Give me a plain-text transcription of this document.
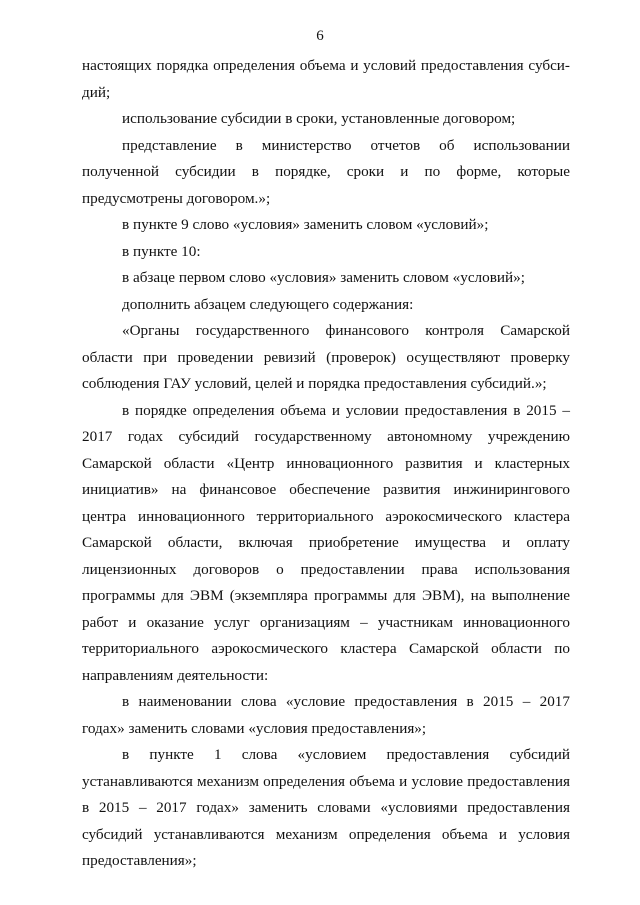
6

настоящих порядка определения объема и условий предоставления субси-дий;

использование субсидии в сроки, установленные договором;

представление в министерство отчетов об использовании полученной субсидии в порядке, сроки и по форме, которые предусмотрены договором.»;

в пункте 9 слово «условия» заменить словом «условий»;

в пункте 10:

в абзаце первом слово «условия» заменить словом «условий»;

дополнить абзацем следующего содержания:

«Органы государственного финансового контроля Самарской области при проведении ревизий (проверок) осуществляют проверку соблюдения ГАУ условий, целей и порядка предоставления субсидий.»;

в порядке определения объема и условии предоставления в 2015 – 2017 годах субсидий государственному автономному учреждению Самарской области «Центр инновационного развития и кластерных инициатив» на финансовое обеспечение развития инжинирингового центра инновационного территориального аэрокосмического кластера Самарской области, включая приобретение имущества и оплату лицензионных договоров о предоставлении права использования программы для ЭВМ (экземпляра программы для ЭВМ), на выполнение работ и оказание услуг организациям – участникам инновационного территориального аэрокосмического кластера Самарской области по направлениям деятельности:

в наименовании слова «условие предоставления в 2015 – 2017 годах» заменить словами «условия предоставления»;

в пункте 1 слова «условием предоставления субсидий устанавливаются механизм определения объема и условие предоставления в 2015 – 2017 годах» заменить словами «условиями предоставления субсидий устанавливаются механизм определения объема и условия предоставления»;
